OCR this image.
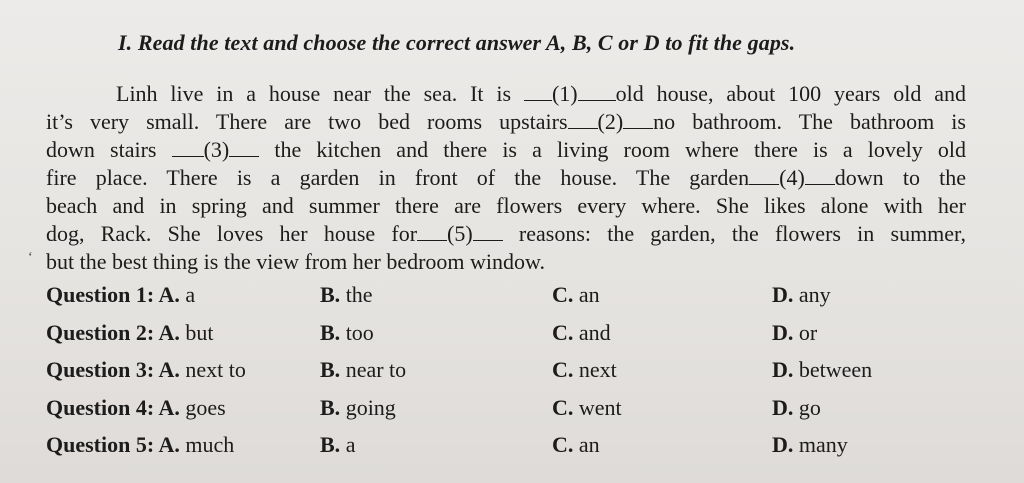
I. Read the text and choose the correct answer A, B, C or D to fit the gaps.
Linh live in a house near the sea. It is (1) old house, about 100 years old and
it’s very small. There are two bed rooms upstairs (2) no bathroom. The bathroom is
down stairs (3) the kitchen and there is a living room where there is a lovely old
fire place. There is a garden in front of the house. The garden (4) down to the
beach and in spring and summer there are flowers every where. She likes alone with her
dog, Rack. She loves her house for (5) reasons: the garden, the flowers in summer,
but the best thing is the view from her bedroom window.
‘
Question 1: A. a	B. the	C. an	D. any
Question 2: A. but	B. too	C. and	D. or
Question 3: A. next to	B. near to	C. next	D. between
Question 4: A. goes	B. going	C. went	D. go
Question 5: A. much	B. a	C. an	D. many
